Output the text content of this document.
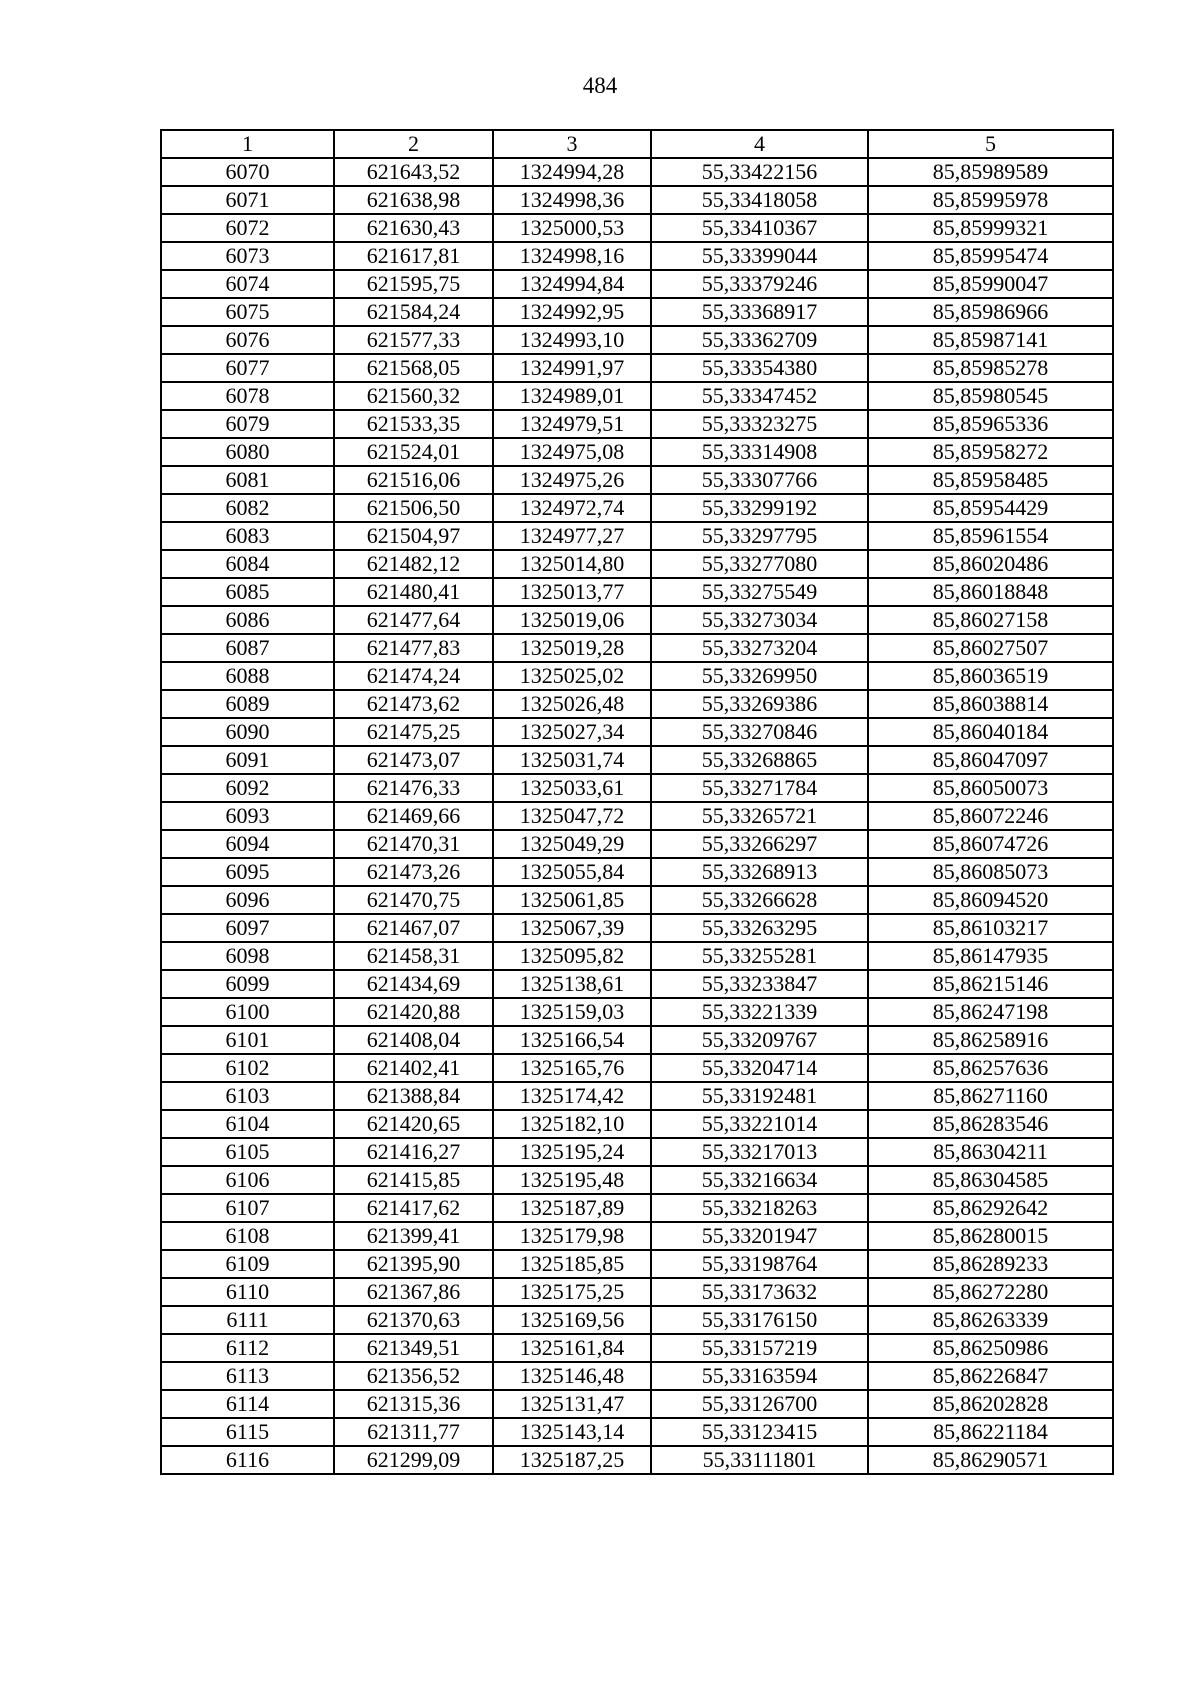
484
1	2	3	4	5
6070	621643,52	1324994,28	55,33422156	85,85989589
6071	621638,98	1324998,36	55,33418058	85,85995978
6072	621630,43	1325000,53	55,33410367	85,85999321
6073	621617,81	1324998,16	55,33399044	85,85995474
6074	621595,75	1324994,84	55,33379246	85,85990047
6075	621584,24	1324992,95	55,33368917	85,85986966
6076	621577,33	1324993,10	55,33362709	85,85987141
6077	621568,05	1324991,97	55,33354380	85,85985278
6078	621560,32	1324989,01	55,33347452	85,85980545
6079	621533,35	1324979,51	55,33323275	85,85965336
6080	621524,01	1324975,08	55,33314908	85,85958272
6081	621516,06	1324975,26	55,33307766	85,85958485
6082	621506,50	1324972,74	55,33299192	85,85954429
6083	621504,97	1324977,27	55,33297795	85,85961554
6084	621482,12	1325014,80	55,33277080	85,86020486
6085	621480,41	1325013,77	55,33275549	85,86018848
6086	621477,64	1325019,06	55,33273034	85,86027158
6087	621477,83	1325019,28	55,33273204	85,86027507
6088	621474,24	1325025,02	55,33269950	85,86036519
6089	621473,62	1325026,48	55,33269386	85,86038814
6090	621475,25	1325027,34	55,33270846	85,86040184
6091	621473,07	1325031,74	55,33268865	85,86047097
6092	621476,33	1325033,61	55,33271784	85,86050073
6093	621469,66	1325047,72	55,33265721	85,86072246
6094	621470,31	1325049,29	55,33266297	85,86074726
6095	621473,26	1325055,84	55,33268913	85,86085073
6096	621470,75	1325061,85	55,33266628	85,86094520
6097	621467,07	1325067,39	55,33263295	85,86103217
6098	621458,31	1325095,82	55,33255281	85,86147935
6099	621434,69	1325138,61	55,33233847	85,86215146
6100	621420,88	1325159,03	55,33221339	85,86247198
6101	621408,04	1325166,54	55,33209767	85,86258916
6102	621402,41	1325165,76	55,33204714	85,86257636
6103	621388,84	1325174,42	55,33192481	85,86271160
6104	621420,65	1325182,10	55,33221014	85,86283546
6105	621416,27	1325195,24	55,33217013	85,86304211
6106	621415,85	1325195,48	55,33216634	85,86304585
6107	621417,62	1325187,89	55,33218263	85,86292642
6108	621399,41	1325179,98	55,33201947	85,86280015
6109	621395,90	1325185,85	55,33198764	85,86289233
6110	621367,86	1325175,25	55,33173632	85,86272280
6111	621370,63	1325169,56	55,33176150	85,86263339
6112	621349,51	1325161,84	55,33157219	85,86250986
6113	621356,52	1325146,48	55,33163594	85,86226847
6114	621315,36	1325131,47	55,33126700	85,86202828
6115	621311,77	1325143,14	55,33123415	85,86221184
6116	621299,09	1325187,25	55,33111801	85,86290571
